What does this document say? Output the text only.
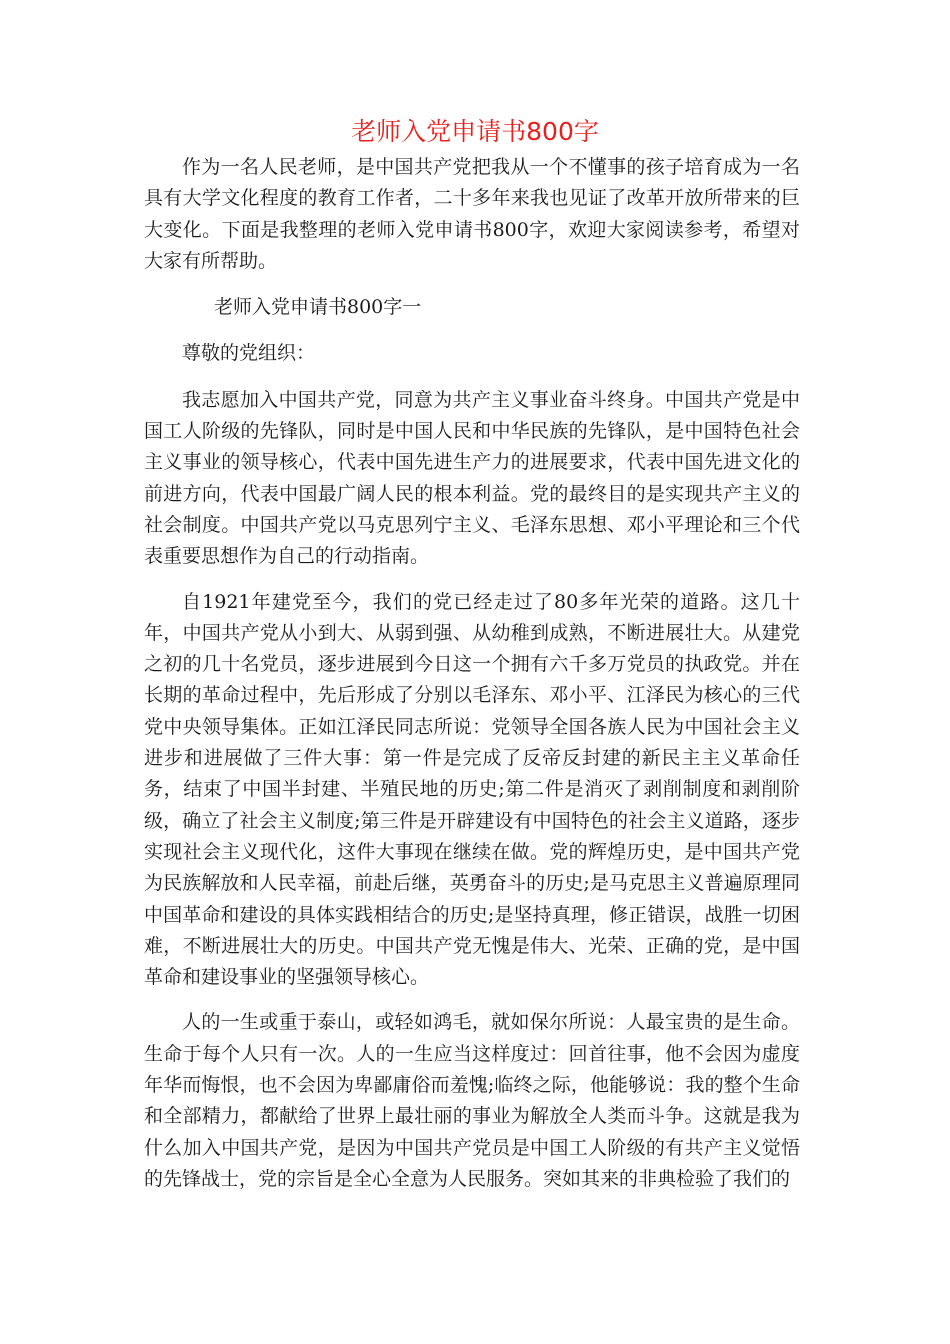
老师入党申请书800字

作为一名人民老师，是中国共产党把我从一个不懂事的孩子培育成为一名具有大学文化程度的教育工作者，二十多年来我也见证了改革开放所带来的巨大变化。下面是我整理的老师入党申请书800字，欢迎大家阅读参考，希望对大家有所帮助。

老师入党申请书800字一

尊敬的党组织：

我志愿加入中国共产党，同意为共产主义事业奋斗终身。中国共产党是中国工人阶级的先锋队，同时是中国人民和中华民族的先锋队，是中国特色社会主义事业的领导核心，代表中国先进生产力的进展要求，代表中国先进文化的前进方向，代表中国最广阔人民的根本利益。党的最终目的是实现共产主义的社会制度。中国共产党以马克思列宁主义、毛泽东思想、邓小平理论和三个代表重要思想作为自己的行动指南。

自1921年建党至今，我们的党已经走过了80多年光荣的道路。这几十年，中国共产党从小到大、从弱到强、从幼稚到成熟，不断进展壮大。从建党之初的几十名党员，逐步进展到今日这一个拥有六千多万党员的执政党。并在长期的革命过程中，先后形成了分别以毛泽东、邓小平、江泽民为核心的三代党中央领导集体。正如江泽民同志所说：党领导全国各族人民为中国社会主义进步和进展做了三件大事：第一件是完成了反帝反封建的新民主主义革命任务，结束了中国半封建、半殖民地的历史;第二件是消灭了剥削制度和剥削阶级，确立了社会主义制度;第三件是开辟建设有中国特色的社会主义道路，逐步实现社会主义现代化，这件大事现在继续在做。党的辉煌历史，是中国共产党为民族解放和人民幸福，前赴后继，英勇奋斗的历史;是马克思主义普遍原理同中国革命和建设的具体实践相结合的历史;是坚持真理，修正错误，战胜一切困难，不断进展壮大的历史。中国共产党无愧是伟大、光荣、正确的党，是中国革命和建设事业的坚强领导核心。

人的一生或重于泰山，或轻如鸿毛，就如保尔所说：人最宝贵的是生命。生命于每个人只有一次。人的一生应当这样度过：回首往事，他不会因为虚度年华而悔恨，也不会因为卑鄙庸俗而羞愧;临终之际，他能够说：我的整个生命和全部精力，都献给了世界上最壮丽的事业为解放全人类而斗争。这就是我为什么加入中国共产党，是因为中国共产党员是中国工人阶级的有共产主义觉悟的先锋战士，党的宗旨是全心全意为人民服务。突如其来的非典检验了我们的
